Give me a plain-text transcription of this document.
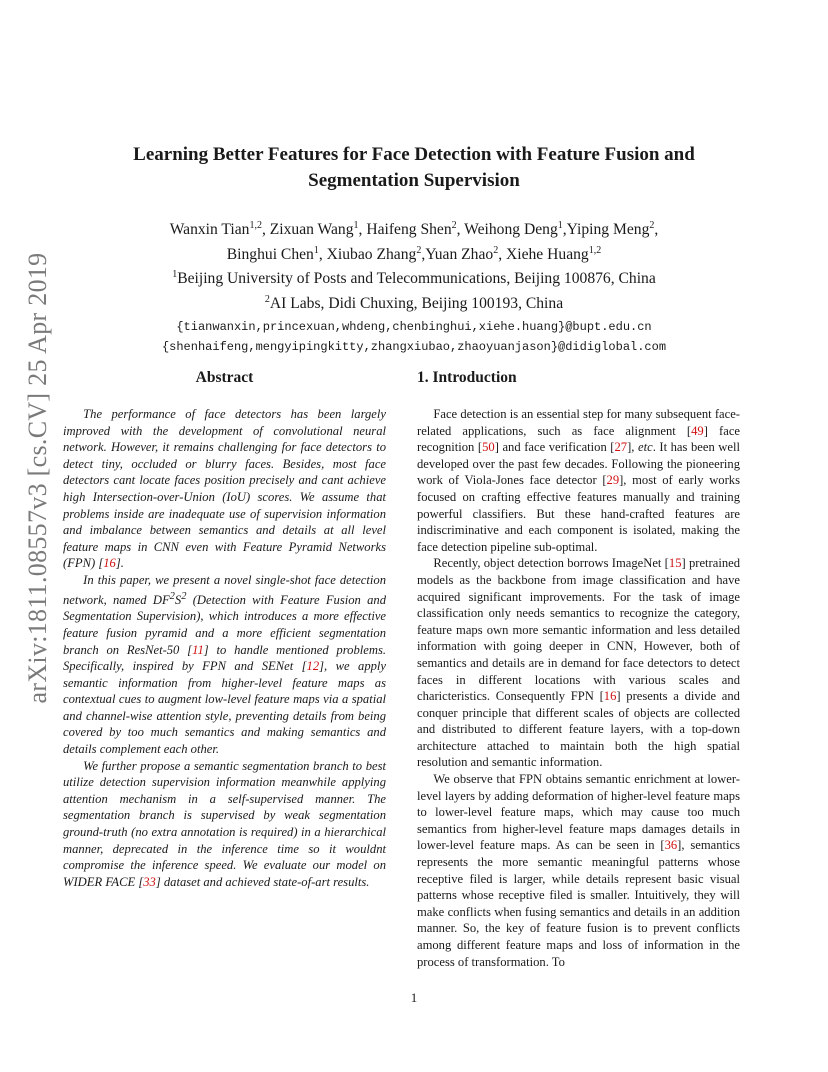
arXiv:1811.08557v3 [cs.CV] 25 Apr 2019
Learning Better Features for Face Detection with Feature Fusion and
Segmentation Supervision
Wanxin Tian$^{1,2}$, Zixuan Wang$^1$, Haifeng Shen$^2$, Weihong Deng$^1$,Yiping Meng$^2$,
Binghui Chen$^1$, Xiubao Zhang$^2$,Yuan Zhao$^2$, Xiehe Huang$^{1,2}$
$^1$Beijing University of Posts and Telecommunications, Beijing 100876, China
$^2$AI Labs, Didi Chuxing, Beijing 100193, China
{tianwanxin,princexuan,whdeng,chenbinghui,xiehe.huang}@bupt.edu.cn
{shenhaifeng,mengyipingkitty,zhangxiubao,zhaoyuanjason}@didiglobal.com
Abstract

The performance of face detectors has been largely improved with the development of convolutional neural network. However, it remains challenging for face detectors to detect tiny, occluded or blurry faces. Besides, most face detectors cant locate faces position precisely and cant achieve high Intersection-over-Union (IoU) scores. We assume that problems inside are inadequate use of supervision information and imbalance between semantics and details at all level feature maps in CNN even with Feature Pyramid Networks (FPN) [16].

In this paper, we present a novel single-shot face detection network, named $DF^2S^2$ (Detection with Feature Fusion and Segmentation Supervision), which introduces a more effective feature fusion pyramid and a more efficient segmentation branch on ResNet-50 [11] to handle mentioned problems. Specifically, inspired by FPN and SENet [12], we apply semantic information from higher-level feature maps as contextual cues to augment low-level feature maps via a spatial and channel-wise attention style, preventing details from being covered by too much semantics and making semantics and details complement each other.

We further propose a semantic segmentation branch to best utilize detection supervision information meanwhile applying attention mechanism in a self-supervised manner. The segmentation branch is supervised by weak segmentation ground-truth (no extra annotation is required) in a hierarchical manner, deprecated in the inference time so it wouldnt compromise the inference speed. We evaluate our model on WIDER FACE [33] dataset and achieved state-of-art results.

1. Introduction

Face detection is an essential step for many subsequent face-related applications, such as face alignment [49] face recognition [50] and face verification [27], etc. It has been well developed over the past few decades. Following the pioneering work of Viola-Jones face detector [29], most of early works focused on crafting effective features manually and training powerful classifiers. But these hand-crafted features are indiscriminative and each component is isolated, making the face detection pipeline sub-optimal.

Recently, object detection borrows ImageNet [15] pretrained models as the backbone from image classification and have acquired significant improvements. For the task of image classification only needs semantics to recognize the category, feature maps own more semantic information and less detailed information with going deeper in CNN, However, both of semantics and details are in demand for face detectors to detect faces in different locations with various scales and charicteristics. Consequently FPN [16] presents a divide and conquer principle that different scales of objects are collected and distributed to different feature layers, with a top-down architecture attached to maintain both the high spatial resolution and semantic information.

We observe that FPN obtains semantic enrichment at lower-level layers by adding deformation of higher-level feature maps to lower-level feature maps, which may cause too much semantics from higher-level feature maps damages details in lower-level feature maps. As can be seen in [36], semantics represents the more semantic meaningful patterns whose receptive filed is larger, while details represent basic visual patterns whose receptive filed is smaller. Intuitively, they will make conflicts when fusing semantics and details in an addition manner. So, the key of feature fusion is to prevent conflicts among different feature maps and loss of information in the process of transformation. To

1
